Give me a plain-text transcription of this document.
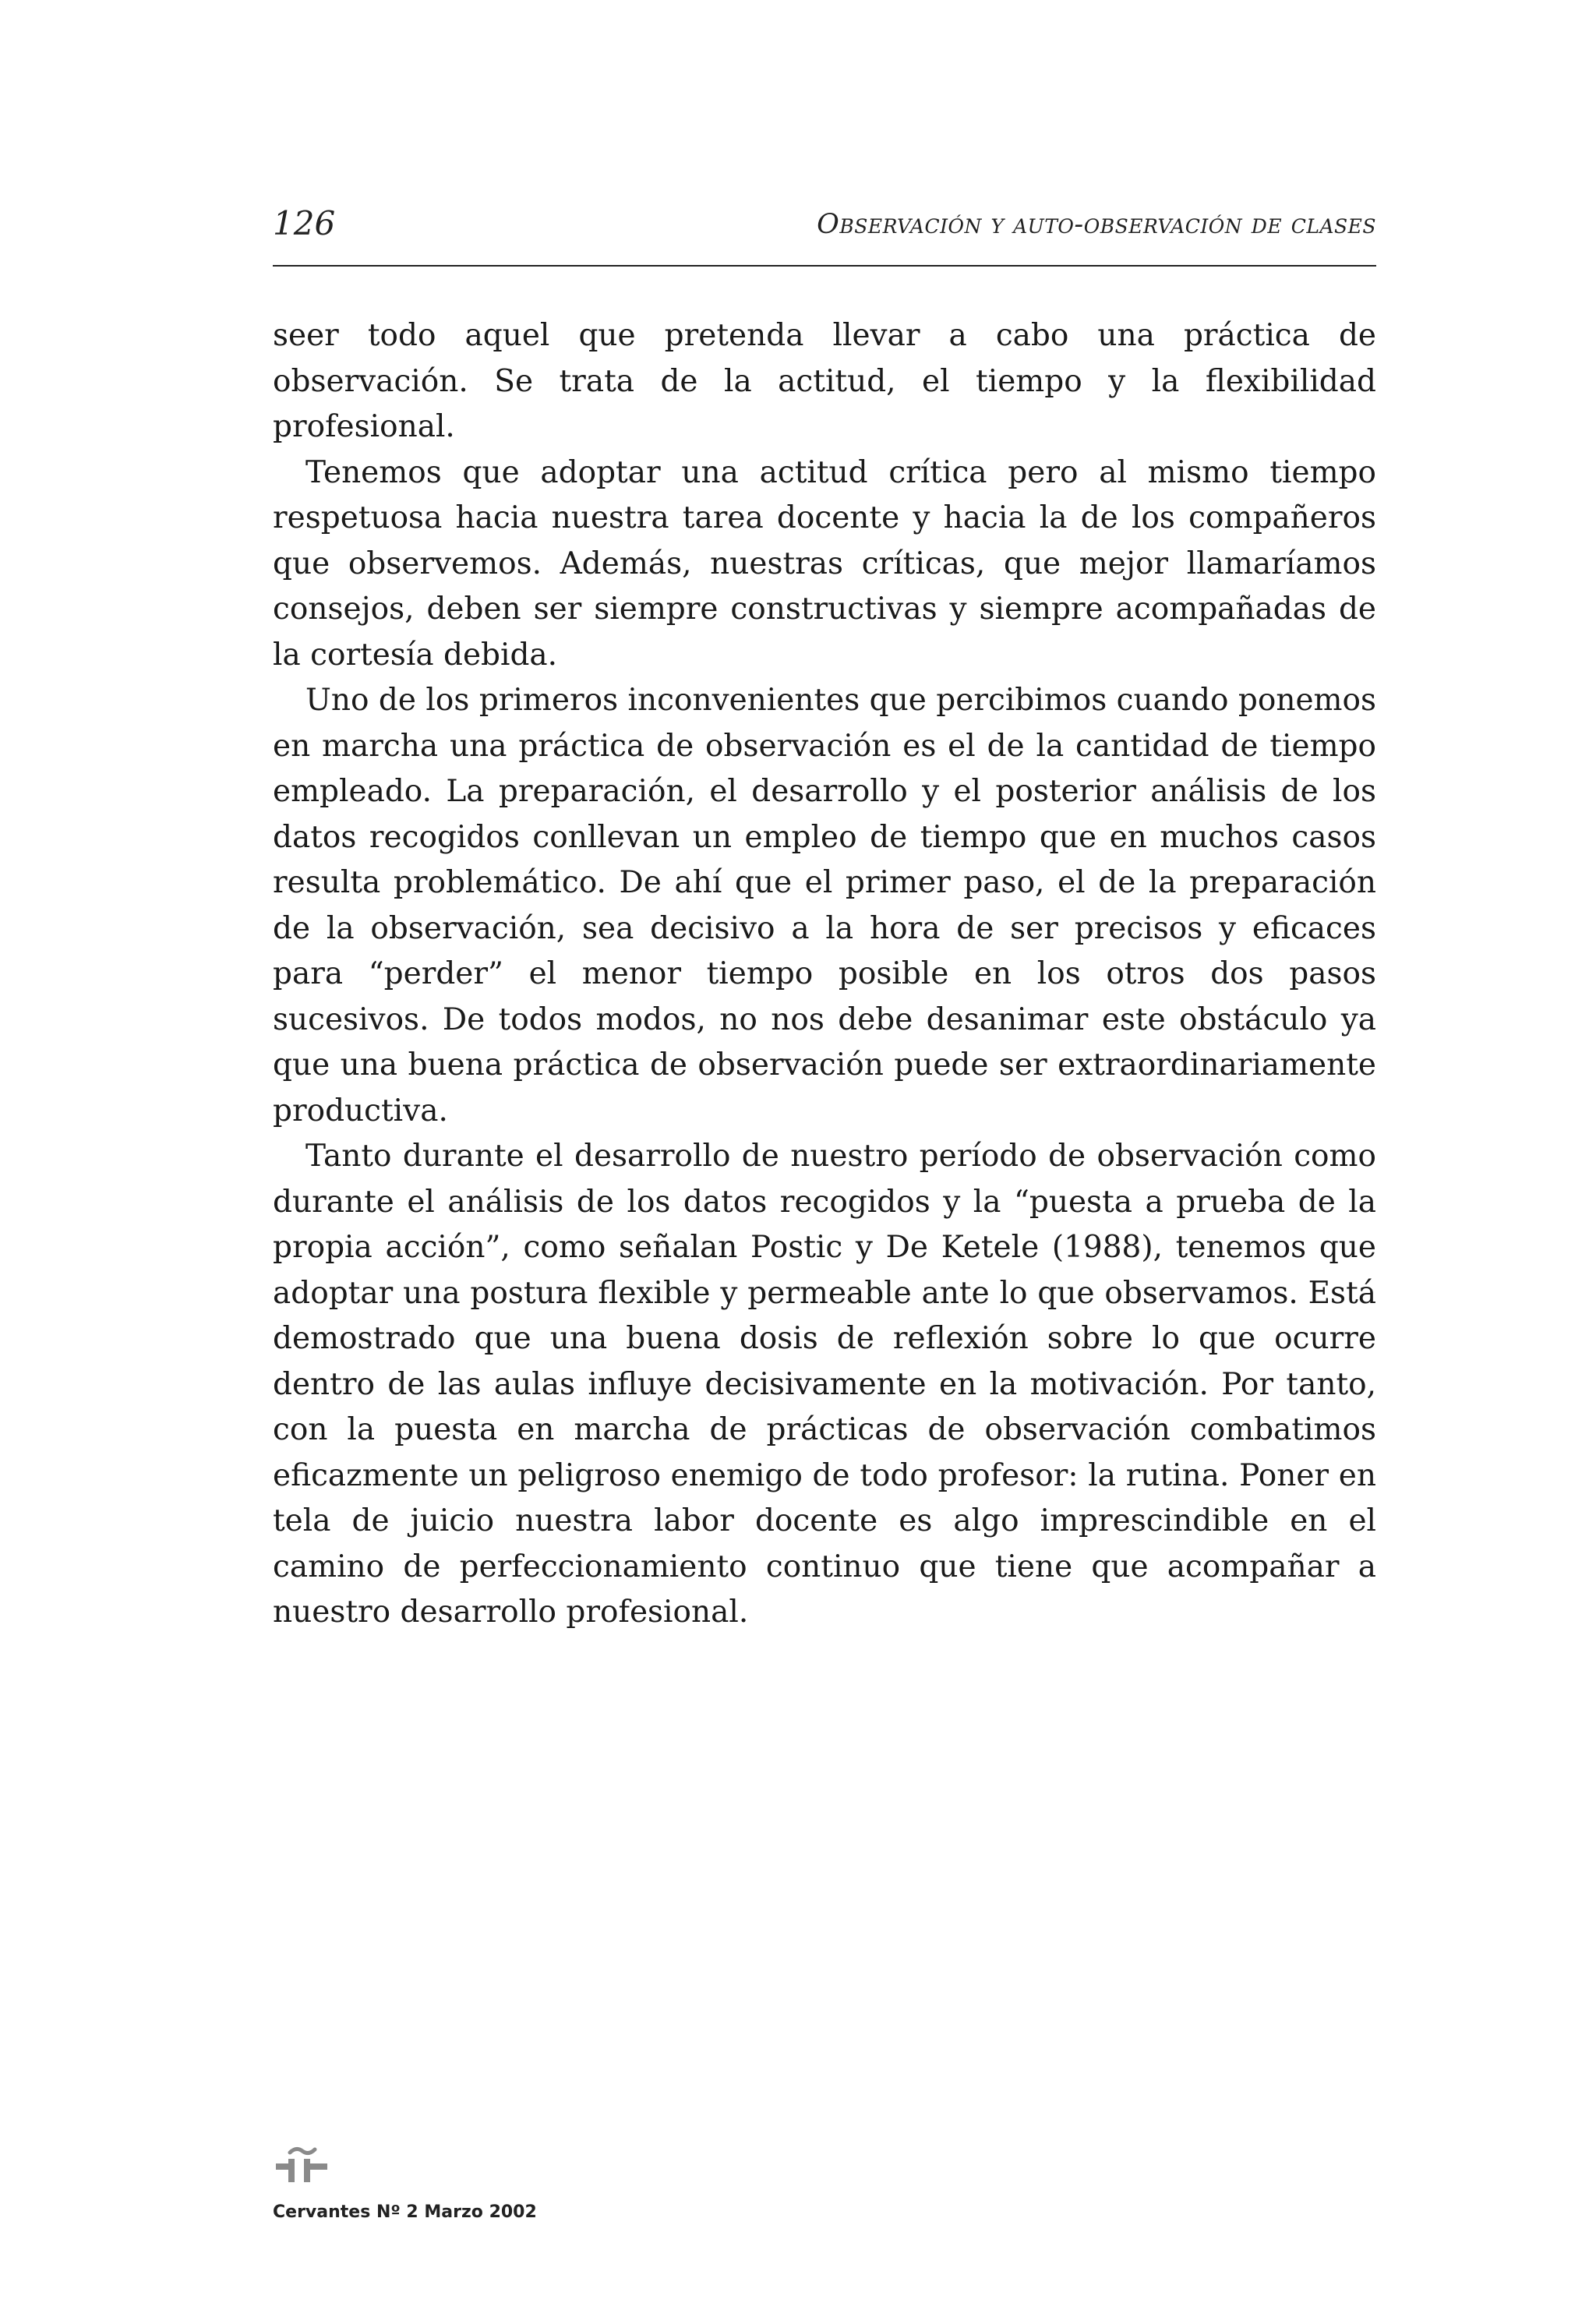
126	Observación y auto-observación de clases

seer todo aquel que pretenda llevar a cabo una práctica de observación. Se trata de la actitud, el tiempo y la flexibilidad profesional.

Tenemos que adoptar una actitud crítica pero al mismo tiempo respetuosa hacia nuestra tarea docente y hacia la de los compañeros que observemos. Además, nuestras críticas, que mejor llamaríamos consejos, deben ser siempre constructivas y siempre acompañadas de la cortesía debida.

Uno de los primeros inconvenientes que percibimos cuando ponemos en marcha una práctica de observación es el de la cantidad de tiempo empleado. La preparación, el desarrollo y el posterior análisis de los datos recogidos conllevan un empleo de tiempo que en muchos casos resulta problemático. De ahí que el primer paso, el de la preparación de la observación, sea decisivo a la hora de ser precisos y eficaces para “perder” el menor tiempo posible en los otros dos pasos sucesivos. De todos modos, no nos debe desanimar este obstáculo ya que una buena práctica de observación puede ser extraordinariamente productiva.

Tanto durante el desarrollo de nuestro período de observación como durante el análisis de los datos recogidos y la “puesta a prueba de la propia acción”, como señalan Postic y De Ketele (1988), tenemos que adoptar una postura flexible y permeable ante lo que observamos. Está demostrado que una buena dosis de reflexión sobre lo que ocurre dentro de las aulas influye decisivamente en la motivación. Por tanto, con la puesta en marcha de prácticas de observación combatimos eficazmente un peligroso enemigo de todo profesor: la rutina. Poner en tela de juicio nuestra labor docente es algo imprescindible en el camino de perfeccionamiento continuo que tiene que acompañar a nuestro desarrollo profesional.

Cervantes Nº 2 Marzo 2002
